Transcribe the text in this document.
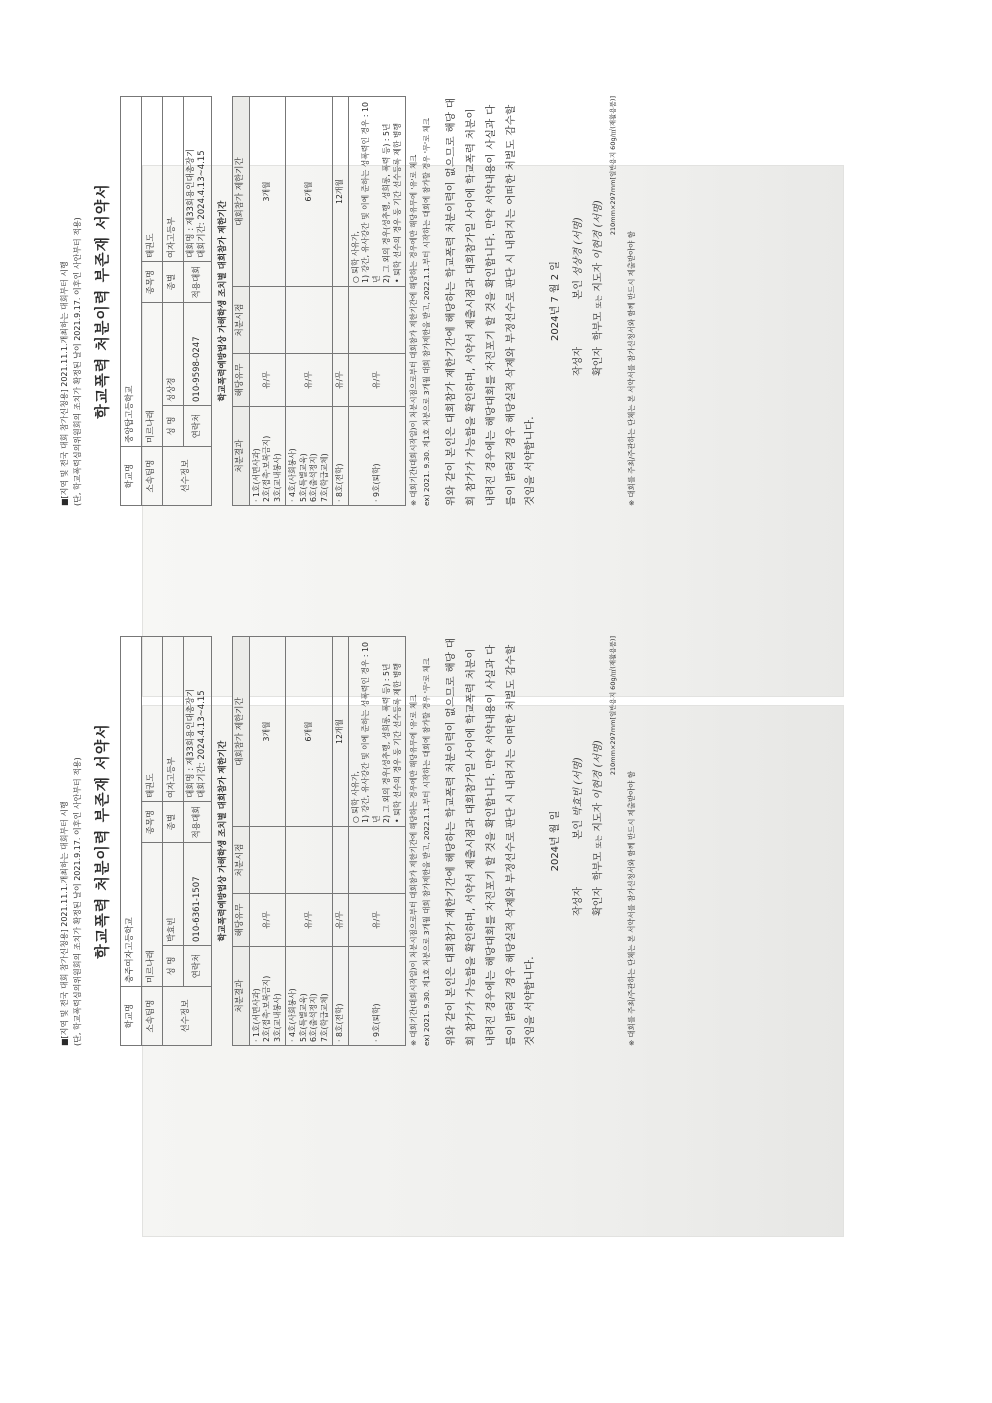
■[지역 및 전국 대회 참가신청용] 2021.11.1.개최하는 대회부터 시행 (단, 학교폭력심의위원회의 조치가 확정된 날이 2021.9.17. 이후인 사안부터 적용) 학교폭력 처분이력 부존재 서약서
학교명	중앙탑고등학교			
소속팀명	미르나래		종목명	태권도
선수정보	성 명	성상경	종별	여자고등부
	연락처	010-9598-0247	적용대회	대회명 : 제33회용인대총장기 대회기간: 2024.4.13~4.15 학교폭력예방법상 가해학생 조치별 대회참가 제한기간
처분결과	해당유무	처분시점	대회참가 제한기간
· 1호(서면사과)
2호(접촉·보복금지)
3호(교내봉사)	유/무		3개월
· 4호(사회봉사)
5호(특별교육)
6호(출석정지)
7호(학급교체)	유/무		6개월
· 8호(전학)	유/무		12개월
· 9호(퇴학)	유/무		○ 퇴학 사유가,
1) 강간, 유사강간 및 이에 준하는 성폭력인 경우 : 10년
2) 그 외의 경우(성추행, 성희롱, 폭력 등) : 5년
• 퇴학 선수의 경우 동 기간 선수등록 제한 병행
※ 대회기간(대회시작일)이 처분시점으로부터 대회참가 제한기간에 해당하는 경우에만 해당유무에 '유'로 체크 ex) 2021. 9.30. 제1호 처분으로 3개월 대회 참가제한을 받고, 2022.1.1.부터 시작하는 대회에 참가할 경우 '무'로 체크 위와 같이 본인은 대회참가 제한기간에 해당하는 학교폭력 처분이력이 없으므로 해당 대회 참가가 가능함을 확인하며, 서약서 제출시점과 대회참가일 사이에 학교폭력 처분이 내려진 경우에는 해당대회를 자진포기 할 것을 확인합니다. 만약 서약내용이 사실과 다름이 밝혀질 경우 해당실적 삭제와 부정선수로 판단 시 내려지는 어떠한 처벌도 감수할 것임을 서약합니다.
2024년 7 월 2 일
작성자               본인 성상경 (서명)
확인자  학부모 또는 지도자 이현경 (서명) 210mm×297mm[일반용지 60g/㎡(재활용품)]
※ 대회를 주최/주관하는 단체는 본 서약서를 참가신청서와 함께 반드시 제출받아야 함
■[지역 및 전국 대회 참가신청용] 2021.11.1.개최하는 대회부터 시행 (단, 학교폭력심의위원회의 조치가 확정된 날이 2021.9.17. 이후인 사안부터 적용) 학교폭력 처분이력 부존재 서약서
학교명	충주여자고등학교			
소속팀명	미르나래		종목명	태권도
선수정보	성 명	박효빈	종별	여자고등부
	연락처	010-6361-1507	적용대회	대회명 : 제33회용인대총장기 대회기간: 2024.4.13~4.15 학교폭력예방법상 가해학생 조치별 대회참가 제한기간
처분결과	해당유무	처분시점	대회참가 제한기간
· 1호(서면사과)
2호(접촉·보복금지)
3호(교내봉사)	유/무		3개월
· 4호(사회봉사)
5호(특별교육)
6호(출석정지)
7호(학급교체)	유/무		6개월
· 8호(전학)	유/무		12개월
· 9호(퇴학)	유/무		○ 퇴학 사유가,
1) 강간, 유사강간 및 이에 준하는 성폭력인 경우 : 10년
2) 그 외의 경우(성추행, 성희롱, 폭력 등) : 5년
• 퇴학 선수의 경우 동 기간 선수등록 제한 병행
※ 대회기간(대회시작일)이 처분시점으로부터 대회참가 제한기간에 해당하는 경우에만 해당유무에 '유'로 체크 ex) 2021. 9.30. 제1호 처분으로 3개월 대회 참가제한을 받고, 2022.1.1.부터 시작하는 대회에 참가할 경우 '무'로 체크 위와 같이 본인은 대회참가 제한기간에 해당하는 학교폭력 처분이력이 없으므로 해당 대회 참가가 가능함을 확인하며, 서약서 제출시점과 대회참가일 사이에 학교폭력 처분이 내려진 경우에는 해당대회를 자진포기 할 것을 확인합니다. 만약 서약내용이 사실과 다름이 밝혀질 경우 해당실적 삭제와 부정선수로 판단 시 내려지는 어떠한 처벌도 감수할 것임을 서약합니다.
2024년 월 일
작성자               본인 박효빈 (서명)
확인자  학부모 또는 지도자 이현경 (서명) 210mm×297mm[일반용지 60g/㎡(재활용품)]
※ 대회를 주최/주관하는 단체는 본 서약서를 참가신청서와 함께 반드시 제출받아야 함
